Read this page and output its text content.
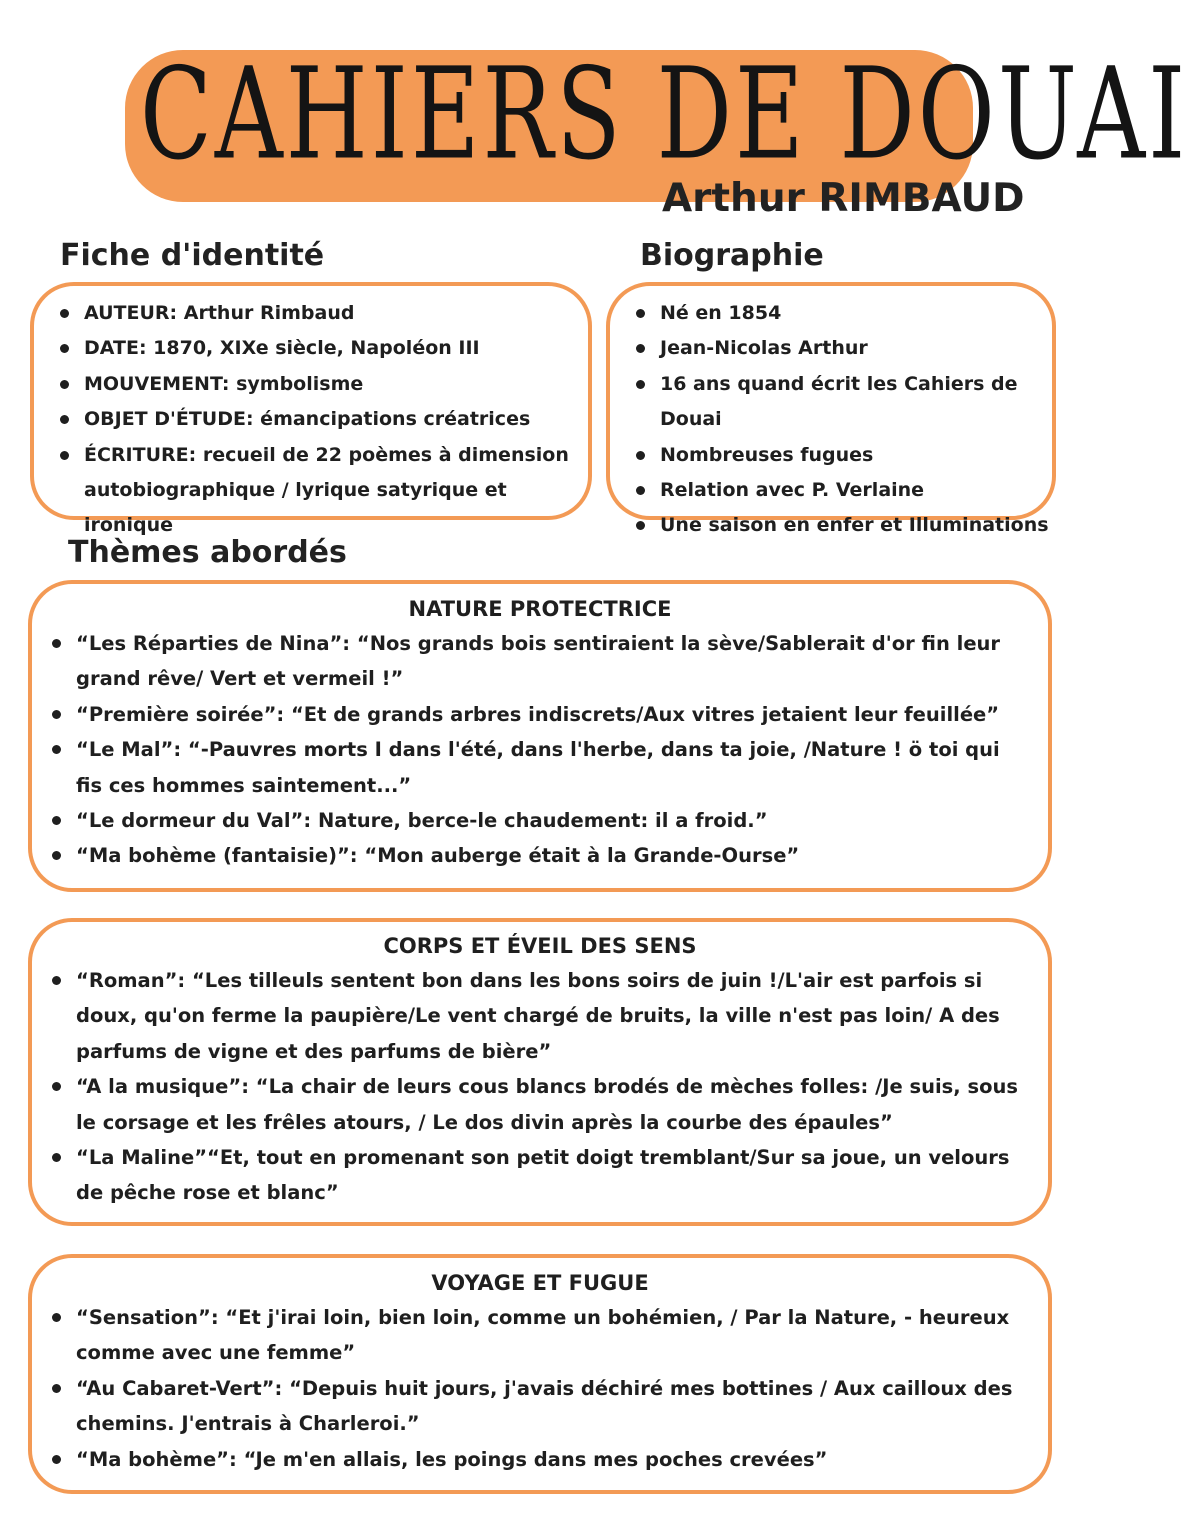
CAHIERS DE DOUAI
Arthur RIMBAUD
Fiche d'identité
AUTEUR: Arthur Rimbaud
DATE: 1870, XIXe siècle, Napoléon III
MOUVEMENT: symbolisme
OBJET D'ÉTUDE: émancipations créatrices
ÉCRITURE: recueil de 22 poèmes à dimension autobiographique / lyrique satyrique et ironique
Biographie
Né en 1854
Jean-Nicolas Arthur
16 ans quand écrit les Cahiers de Douai
Nombreuses fugues
Relation avec P. Verlaine
Une saison en enfer et Illuminations
Thèmes abordés
NATURE PROTECTRICE
“Les Réparties de Nina”: “Nos grands bois sentiraient la sève/Sablerait d'or fin leur grand rêve/ Vert et vermeil !”
“Première soirée”: “Et de grands arbres indiscrets/Aux vitres jetaient leur feuillée”
“Le Mal”: “-Pauvres morts I dans l'été, dans l'herbe, dans ta joie, /Nature ! ö toi qui fis ces hommes saintement...”
“Le dormeur du Val”: Nature, berce-le chaudement: il a froid.”
“Ma bohème (fantaisie)”: “Mon auberge était à la Grande-Ourse”
CORPS ET ÉVEIL DES SENS
“Roman”: “Les tilleuls sentent bon dans les bons soirs de juin !/L'air est parfois si doux, qu'on ferme la paupière/Le vent chargé de bruits, la ville n'est pas loin/ A des parfums de vigne et des parfums de bière”
“A la musique”: “La chair de leurs cous blancs brodés de mèches folles: /Je suis, sous le corsage et les frêles atours, / Le dos divin après la courbe des épaules”
“La Maline”“Et, tout en promenant son petit doigt tremblant/Sur sa joue, un velours de pêche rose et blanc”
VOYAGE ET FUGUE
“Sensation”: “Et j'irai loin, bien loin, comme un bohémien, / Par la Nature, - heureux comme avec une femme”
“Au Cabaret-Vert”: “Depuis huit jours, j'avais déchiré mes bottines / Aux cailloux des chemins. J'entrais à Charleroi.”
“Ma bohème”: “Je m'en allais, les poings dans mes poches crevées”
